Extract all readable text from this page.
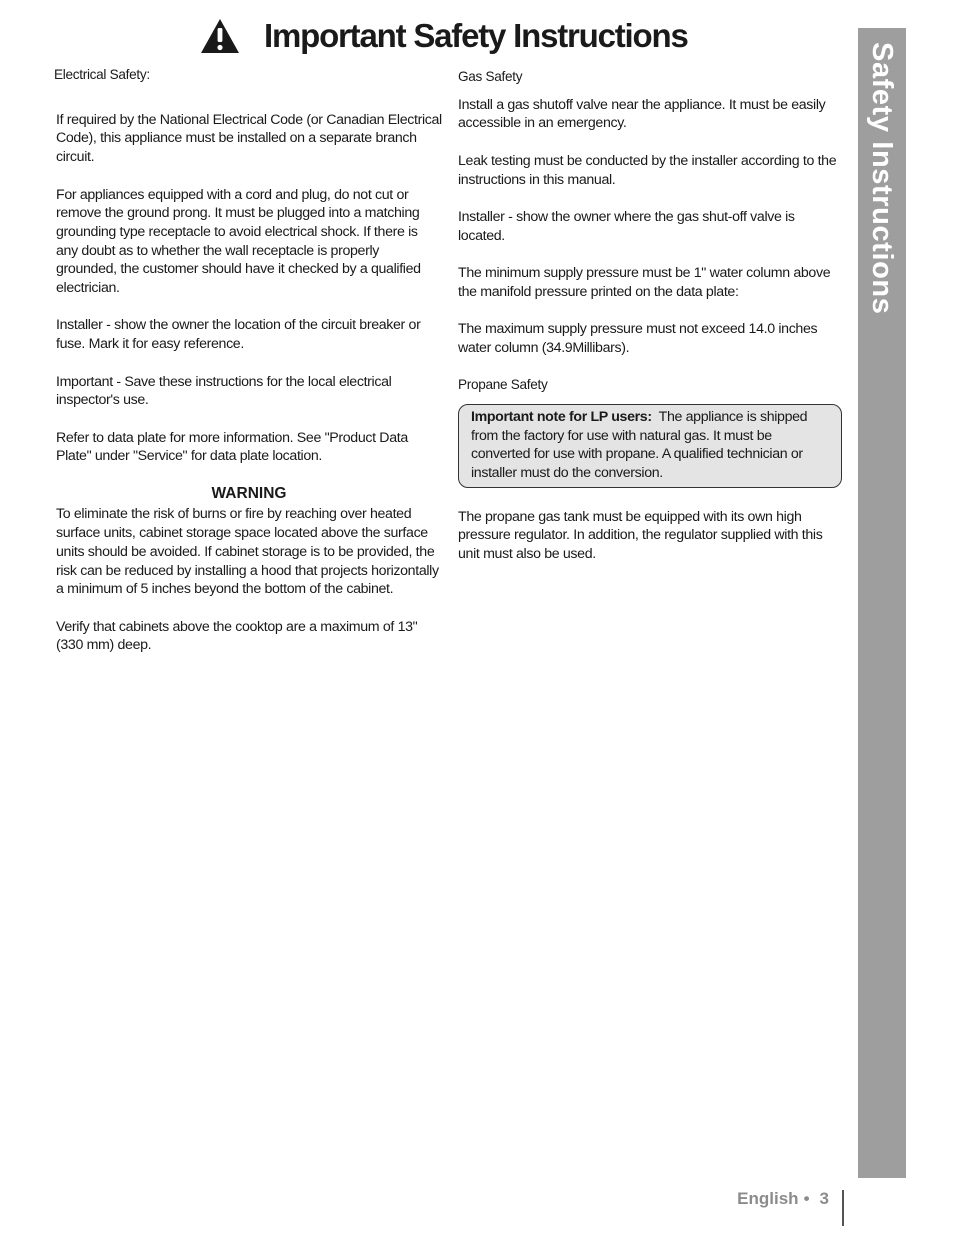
Important Safety Instructions
Electrical Safety:

If required by the National Electrical Code (or Canadian Electrical Code), this appliance must be installed on a separate branch circuit.

For appliances equipped with a cord and plug, do not cut or remove the ground prong. It must be plugged into a matching grounding type receptacle to avoid electrical shock. If there is any doubt as to whether the wall receptacle is properly grounded, the customer should have it checked by a qualified electrician.

Installer - show the owner the location of the circuit breaker or fuse. Mark it for easy reference.

Important - Save these instructions for the local electrical inspector's use.

Refer to data plate for more information. See "Product Data Plate" under "Service" for data plate location.

WARNING

To eliminate the risk of burns or fire by reaching over heated surface units, cabinet storage space located above the surface units should be avoided. If cabinet storage is to be provided, the risk can be reduced by installing a hood that projects horizontally a minimum of 5 inches beyond the bottom of the cabinet.

Verify that cabinets above the cooktop are a maximum of 13" (330 mm) deep.

Gas Safety

Install a gas shutoff valve near the appliance. It must be easily accessible in an emergency.

Leak testing must be conducted by the installer according to the instructions in this manual.

Installer - show the owner where the gas shut-off valve is located.

The minimum supply pressure must be 1" water column above the manifold pressure printed on the data plate:

The maximum supply pressure must not exceed 14.0 inches water column (34.9Millibars).

Propane Safety
Important note for LP users: The appliance is shipped from the factory for use with natural gas. It must be converted for use with propane. A qualified technician or installer must do the conversion.

The propane gas tank must be equipped with its own high pressure regulator. In addition, the regulator supplied with this unit must also be used.

Safety Instructions
English • 3
